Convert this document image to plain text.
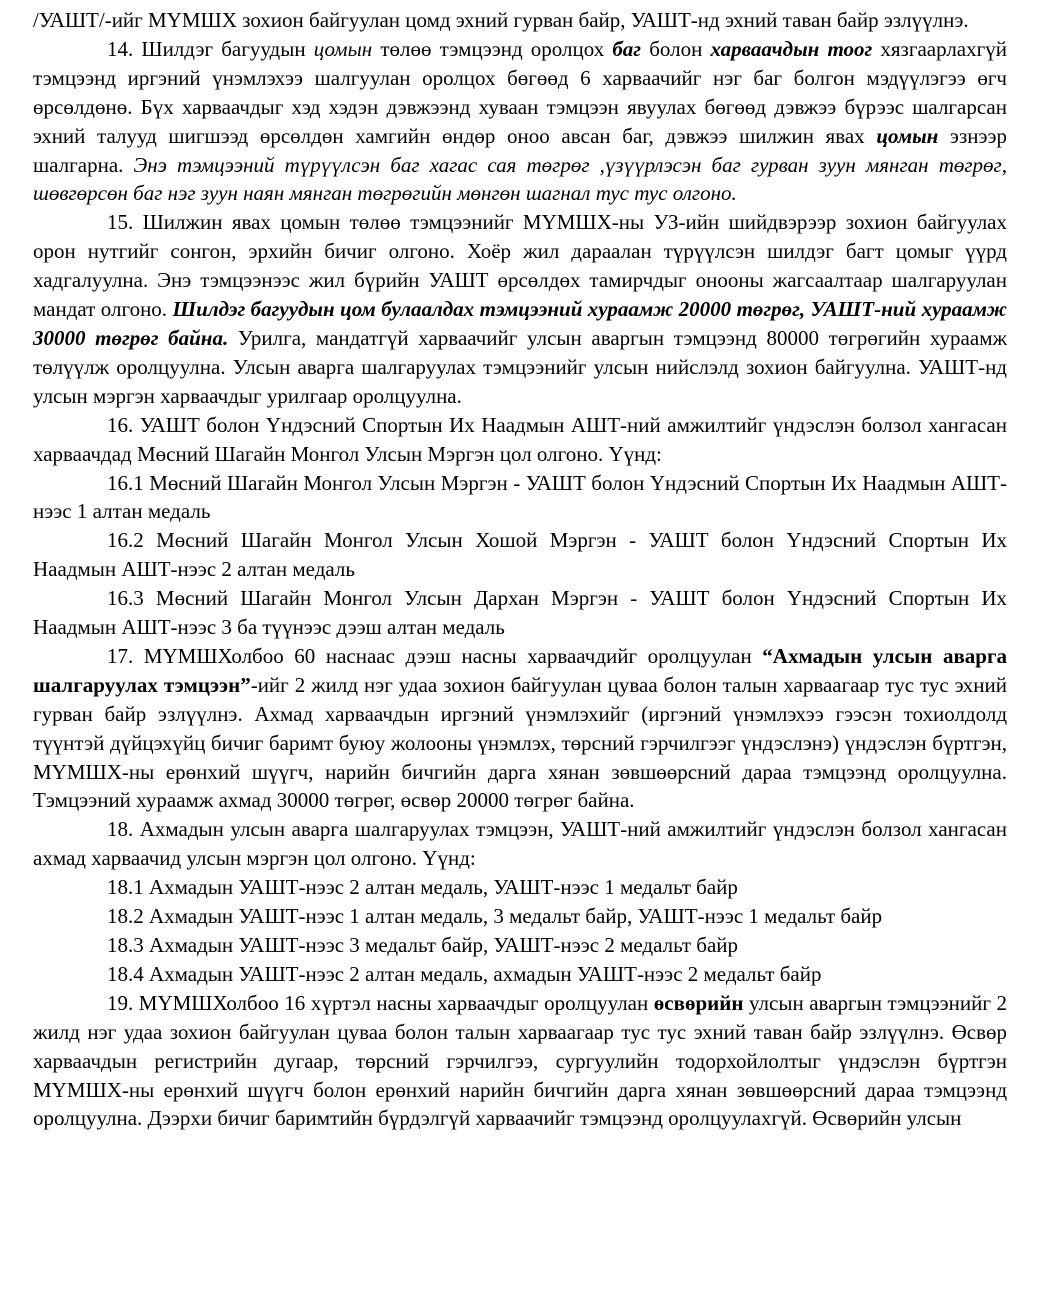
/УАШТ/-ийг МҮМШХ зохион байгуулан цомд эхний гурван байр, УАШТ-нд эхний таван байр эзлүүлнэ.

14. Шилдэг багуудын цомын төлөө тэмцээнд оролцох баг болон харваачдын тоог хязгаарлахгүй тэмцээнд иргэний үнэмлэхээ шалгуулан оролцох бөгөөд 6 харваачийг нэг баг болгон мэдүүлэгээ өгч өрсөлдөнө. Бүх харваачдыг хэд хэдэн дэвжээнд хуваан тэмцээн явуулах бөгөөд дэвжээ бүрээс шалгарсан эхний талууд шигшээд өрсөлдөн хамгийн өндөр оноо авсан баг, дэвжээ шилжин явах цомын эзнээр шалгарна. Энэ тэмцээний түрүүлсэн баг хагас сая төгрөг ,үзүүрлэсэн баг гурван зуун мянган төгрөг, шөвгөрсөн баг нэг зуун наян мянган төгрөгийн мөнгөн шагнал тус тус олгоно.

15. Шилжин явах цомын төлөө тэмцээнийг МҮМШХ-ны УЗ-ийн шийдвэрээр зохион байгуулах орон нутгийг сонгон, эрхийн бичиг олгоно. Хоёр жил дараалан түрүүлсэн шилдэг багт цомыг үүрд хадгалуулна. Энэ тэмцээнээс жил бүрийн УАШТ өрсөлдөх тамирчдыг онооны жагсаалтаар шалгаруулан мандат олгоно. Шилдэг багуудын цом булаалдах тэмцээний хураамж 20000 төгрөг, УАШТ-ний хураамж 30000 төгрөг байна. Урилга, мандатгүй харваачийг улсын аваргын тэмцээнд 80000 төгрөгийн хураамж төлүүлж оролцуулна. Улсын аварга шалгаруулах тэмцээнийг улсын нийслэлд зохион байгуулна. УАШТ-нд улсын мэргэн харваачдыг урилгаар оролцуулна.

16. УАШТ болон Үндэсний Спортын Их Наадмын АШТ-ний амжилтийг үндэслэн болзол хангасан харваачдад Мөсний Шагайн Монгол Улсын Мэргэн цол олгоно. Үүнд:

16.1 Мөсний Шагайн Монгол Улсын Мэргэн - УАШТ болон Үндэсний Спортын Их Наадмын АШТ-нээс 1 алтан медаль

16.2 Мөсний Шагайн Монгол Улсын Хошой Мэргэн - УАШТ болон Үндэсний Спортын Их Наадмын АШТ-нээс 2 алтан медаль

16.3 Мөсний Шагайн Монгол Улсын Дархан Мэргэн - УАШТ болон Үндэсний Спортын Их Наадмын АШТ-нээс 3 ба түүнээс дээш алтан медаль

17. МҮМШХолбоо 60 наснаас дээш насны харваачдийг оролцуулан “Ахмадын улсын аварга шалгаруулах тэмцээн”-ийг 2 жилд нэг удаа зохион байгуулан цуваа болон талын харваагаар тус тус эхний гурван байр эзлүүлнэ. Ахмад харваачдын иргэний үнэмлэхийг (иргэний үнэмлэхээ гээсэн тохиолдолд түүнтэй дүйцэхүйц бичиг баримт буюу жолооны үнэмлэх, төрсний гэрчилгээг үндэслэнэ) үндэслэн бүртгэн, МҮМШХ-ны ерөнхий шүүгч, нарийн бичгийн дарга хянан зөвшөөрсний дараа тэмцээнд оролцуулна. Тэмцээний хураамж ахмад 30000 төгрөг, өсвөр 20000 төгрөг байна.

18. Ахмадын улсын аварга шалгаруулах тэмцээн, УАШТ-ний амжилтийг үндэслэн болзол хангасан ахмад харваачид улсын мэргэн цол олгоно. Үүнд:

18.1 Ахмадын УАШТ-нээс 2 алтан медаль, УАШТ-нээс 1 медальт байр

18.2 Ахмадын УАШТ-нээс 1 алтан медаль, 3 медальт байр, УАШТ-нээс 1 медальт байр

18.3 Ахмадын УАШТ-нээс 3 медальт байр, УАШТ-нээс 2 медальт байр

18.4 Ахмадын УАШТ-нээс 2 алтан медаль, ахмадын УАШТ-нээс 2 медальт байр

19. МҮМШХолбоо 16 хүртэл насны харваачдыг оролцуулан өсвөрийн улсын аваргын тэмцээнийг 2 жилд нэг удаа зохион байгуулан цуваа болон талын харваагаар тус тус эхний таван байр эзлүүлнэ. Өсвөр харваачдын регистрийн дугаар, төрсний гэрчилгээ, сургуулийн тодорхойлолтыг үндэслэн бүртгэн МҮМШХ-ны ерөнхий шүүгч болон ерөнхий нарийн бичгийн дарга хянан зөвшөөрсний дараа тэмцээнд оролцуулна. Дээрхи бичиг баримтийн бүрдэлгүй харваачийг тэмцээнд оролцуулахгүй. Өсвөрийн улсын
